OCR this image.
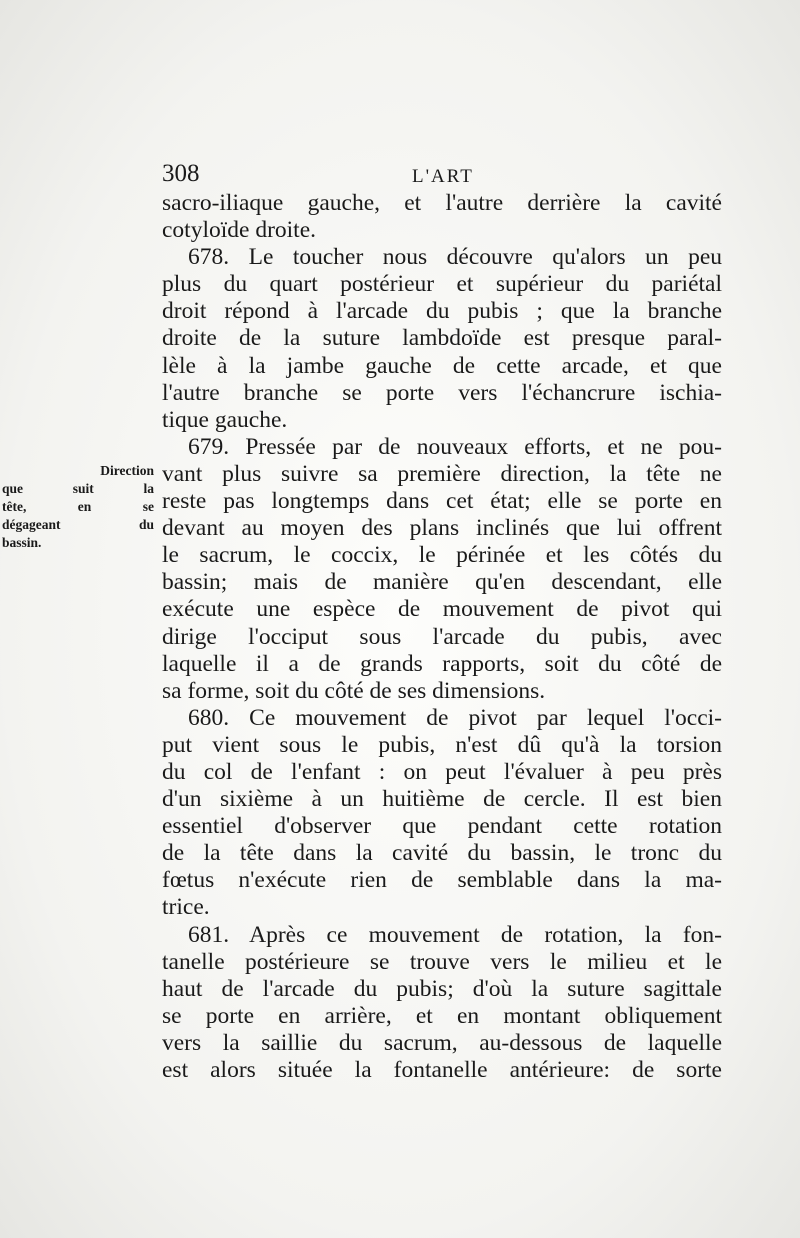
308	L'ART
Direction
que suit la
tête, en se
dégageant du
bassin.
sacro-iliaque gauche, et l'autre derrière la cavité
cotyloïde droite.
678. Le toucher nous découvre qu'alors un peu
plus du quart postérieur et supérieur du pariétal
droit répond à l'arcade du pubis ; que la branche
droite de la suture lambdoïde est presque paral-
lèle à la jambe gauche de cette arcade, et que
l'autre branche se porte vers l'échancrure ischia-
tique gauche.
679. Pressée par de nouveaux efforts, et ne pou-
vant plus suivre sa première direction, la tête ne
reste pas longtemps dans cet état; elle se porte en
devant au moyen des plans inclinés que lui offrent
le sacrum, le coccix, le périnée et les côtés du
bassin; mais de manière qu'en descendant, elle
exécute une espèce de mouvement de pivot qui
dirige l'occiput sous l'arcade du pubis, avec
laquelle il a de grands rapports, soit du côté de
sa forme, soit du côté de ses dimensions.
680. Ce mouvement de pivot par lequel l'occi-
put vient sous le pubis, n'est dû qu'à la torsion
du col de l'enfant : on peut l'évaluer à peu près
d'un sixième à un huitième de cercle. Il est bien
essentiel d'observer que pendant cette rotation
de la tête dans la cavité du bassin, le tronc du
fœtus n'exécute rien de semblable dans la ma-
trice.
681. Après ce mouvement de rotation, la fon-
tanelle postérieure se trouve vers le milieu et le
haut de l'arcade du pubis; d'où la suture sagittale
se porte en arrière, et en montant obliquement
vers la saillie du sacrum, au-dessous de laquelle
est alors située la fontanelle antérieure: de sorte
